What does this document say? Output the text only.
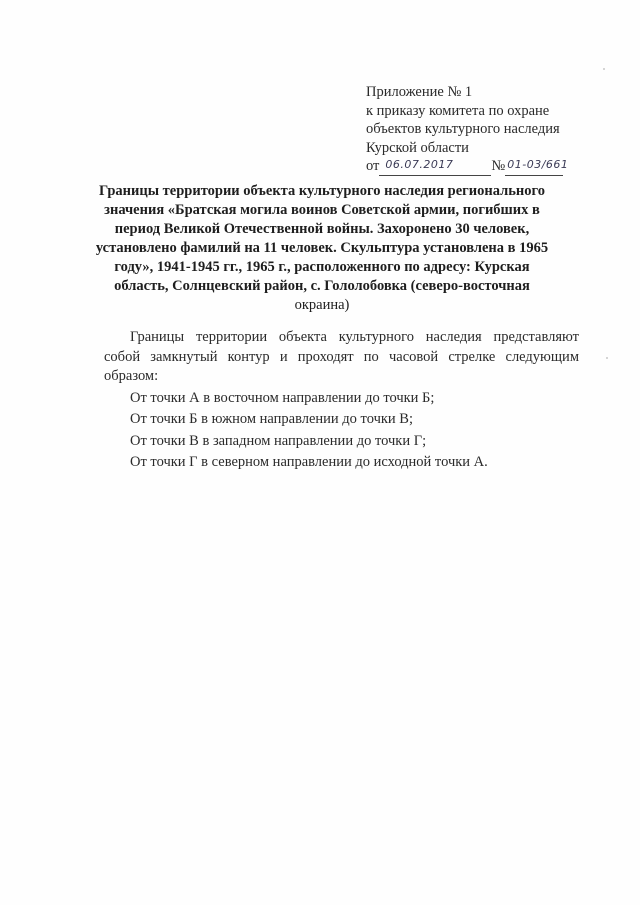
Приложение № 1
к приказу комитета по охране
объектов культурного наследия
Курской области
от 06.07.2017	№ 01-03/661
Границы территории объекта культурного наследия регионального
значения «Братская могила воинов Советской армии, погибших в
период Великой Отечественной войны. Захоронено 30 человек,
установлено фамилий на 11 человек. Скульптура установлена в 1965
году», 1941-1945 гг., 1965 г., расположенного по адресу: Курская
область, Солнцевский район, с. Гололобовка (северо-восточная
окраина)
Границы территории объекта культурного наследия представляют
собой замкнутый контур и проходят по часовой стрелке следующим
образом:
От точки А в восточном направлении до точки Б;
От точки Б в южном направлении до точки В;
От точки В в западном направлении до точки Г;
От точки Г в северном направлении до исходной точки А.
